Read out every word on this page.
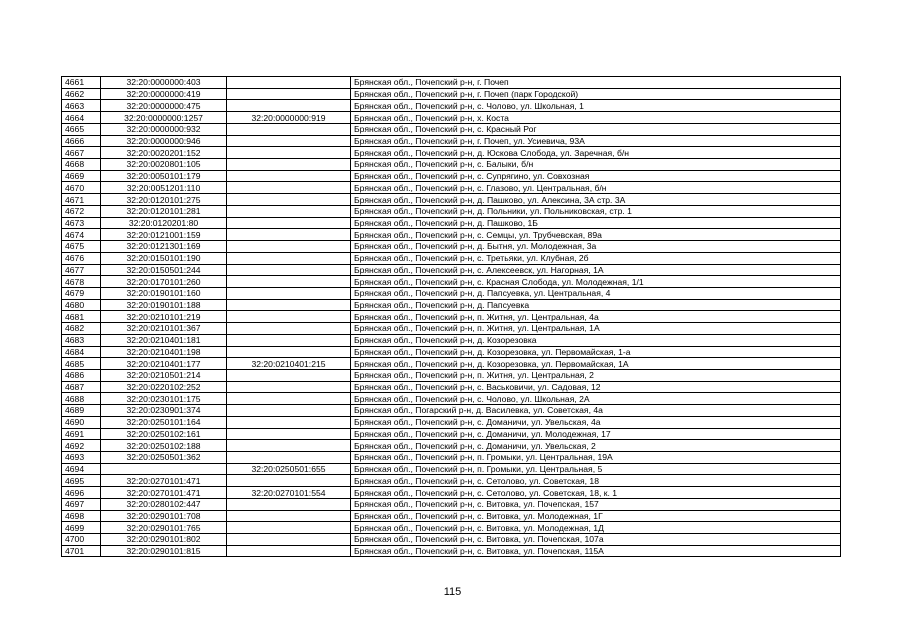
4661	32:20:0000000:403		Брянская обл., Почепский р-н, г. Почеп
4662	32:20:0000000:419		Брянская обл., Почепский р-н, г. Почеп (парк Городской)
4663	32:20:0000000:475		Брянская обл., Почепский р-н, с. Чолово, ул. Школьная, 1
4664	32:20:0000000:1257	32:20:0000000:919	Брянская обл., Почепский р-н, х. Коста
4665	32:20:0000000:932		Брянская обл., Почепский р-н, с. Красный Рог
4666	32:20:0000000:946		Брянская обл., Почепский р-н, г. Почеп, ул. Усиевича, 93А
4667	32:20:0020201:152		Брянская обл., Почепский р-н, д. Юскова Слобода, ул. Заречная, б/н
4668	32:20:0020801:105		Брянская обл., Почепский р-н, с. Балыки, б/н
4669	32:20:0050101:179		Брянская обл., Почепский р-н, с. Супрягино, ул. Совхозная
4670	32:20:0051201:110		Брянская обл., Почепский р-н, с. Глазово, ул. Центральная, б/н
4671	32:20:0120101:275		Брянская обл., Почепский р-н, д. Пашково, ул. Алексина, 3А стр. 3А
4672	32:20:0120101:281		Брянская обл., Почепский р-н, д. Польники, ул. Польниковская, стр. 1
4673	32:20:0120201:80		Брянская обл., Почепский р-н, д. Пашково, 1Б
4674	32:20:0121001:159		Брянская обл., Почепский р-н, с. Семцы, ул. Трубчевская, 89а
4675	32:20:0121301:169		Брянская обл., Почепский р-н, д. Бытня, ул. Молодежная, 3а
4676	32:20:0150101:190		Брянская обл., Почепский р-н, с. Третьяки, ул. Клубная, 2б
4677	32:20:0150501:244		Брянская обл., Почепский р-н, с. Алексеевск, ул. Нагорная, 1А
4678	32:20:0170101:260		Брянская обл., Почепский р-н, с. Красная Слобода, ул. Молодежная, 1/1
4679	32:20:0190101:160		Брянская обл., Почепский р-н, д. Папсуевка, ул. Центральная, 4
4680	32:20:0190101:188		Брянская обл., Почепский р-н, д. Папсуевка
4681	32:20:0210101:219		Брянская обл., Почепский р-н, п. Житня, ул. Центральная, 4а
4682	32:20:0210101:367		Брянская обл., Почепский р-н, п. Житня, ул. Центральная, 1А
4683	32:20:0210401:181		Брянская обл., Почепский р-н, д. Козорезовка
4684	32:20:0210401:198		Брянская обл., Почепский р-н, д. Козорезовка, ул. Первомайская, 1-а
4685	32:20:0210401:177	32:20:0210401:215	Брянская обл., Почепский р-н, д. Козорезовка, ул. Первомайская, 1А
4686	32:20:0210501:214		Брянская обл., Почепский р-н, п. Житня, ул. Центральная, 2
4687	32:20:0220102:252		Брянская обл., Почепский р-н, с. Васьковичи, ул. Садовая, 12
4688	32:20:0230101:175		Брянская обл., Почепский р-н, с. Чолово, ул. Школьная, 2А
4689	32:20:0230901:374		Брянская обл., Погарский р-н, д. Василевка, ул. Советская, 4а
4690	32:20:0250101:164		Брянская обл., Почепский р-н, с. Доманичи, ул. Увельская, 4а
4691	32:20:0250102:161		Брянская обл., Почепский р-н, с. Доманичи, ул. Молодежная, 17
4692	32:20:0250102:188		Брянская обл., Почепский р-н, с. Доманичи, ул. Увельская, 2
4693	32:20:0250501:362		Брянская обл., Почепский р-н, п. Громыки, ул. Центральная, 19А
4694		32:20:0250501:655	Брянская обл., Почепский р-н, п. Громыки, ул. Центральная, 5
4695	32:20:0270101:471		Брянская обл., Почепский р-н, с. Сетолово, ул. Советская, 18
4696	32:20:0270101:471	32:20:0270101:554	Брянская обл., Почепский р-н, с. Сетолово, ул. Советская, 18, к. 1
4697	32:20:0280102:447		Брянская обл., Почепский р-н, с. Витовка, ул. Почепская, 157
4698	32:20:0290101:708		Брянская обл., Почепский р-н, с. Витовка, ул. Молодежная, 1Г
4699	32:20:0290101:765		Брянская обл., Почепский р-н, с. Витовка, ул. Молодежная, 1Д
4700	32:20:0290101:802		Брянская обл., Почепский р-н, с. Витовка, ул. Почепская, 107а
4701	32:20:0290101:815		Брянская обл., Почепский р-н, с. Витовка, ул. Почепская, 115А
115
